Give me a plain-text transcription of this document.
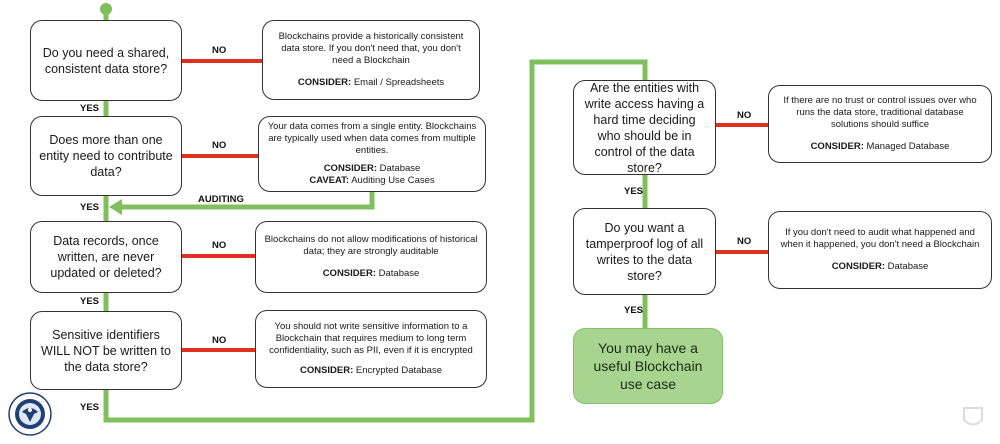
Do you need a shared, consistent data store?
Does more than one entity need to contribute data?
Data records, once written, are never updated or deleted?
Sensitive identifiers WILL NOT be written to the data store?
Blockchains provide a historically consistent data store. If you don't need that, you don't need a Blockchain
CONSIDER: Email / Spreadsheets
Your data comes from a single entity. Blockchains are typically used when data comes from multiple entities.
CONSIDER: Database
CAVEAT: Auditing Use Cases
Blockchains do not allow modifications of historical data; they are strongly auditable
CONSIDER: Database
You should not write sensitive information to a Blockchain that requires medium to long term confidentiality, such as PII, even if it is encrypted
CONSIDER: Encrypted Database
Are the entities with write access having a hard time deciding who should be in control of the data store?
Do you want a tamperproof log of all writes to the data store?
If there are no trust or control issues over who runs the data store, traditional database solutions should suffice
CONSIDER: Managed Database
If you don't need to audit what happened and when it happened, you don't need a Blockchain
CONSIDER: Database
You may have a useful Blockchain use case
NO
YES
NO
YES
AUDITING
NO
YES
NO
YES
NO
YES
NO
YES
